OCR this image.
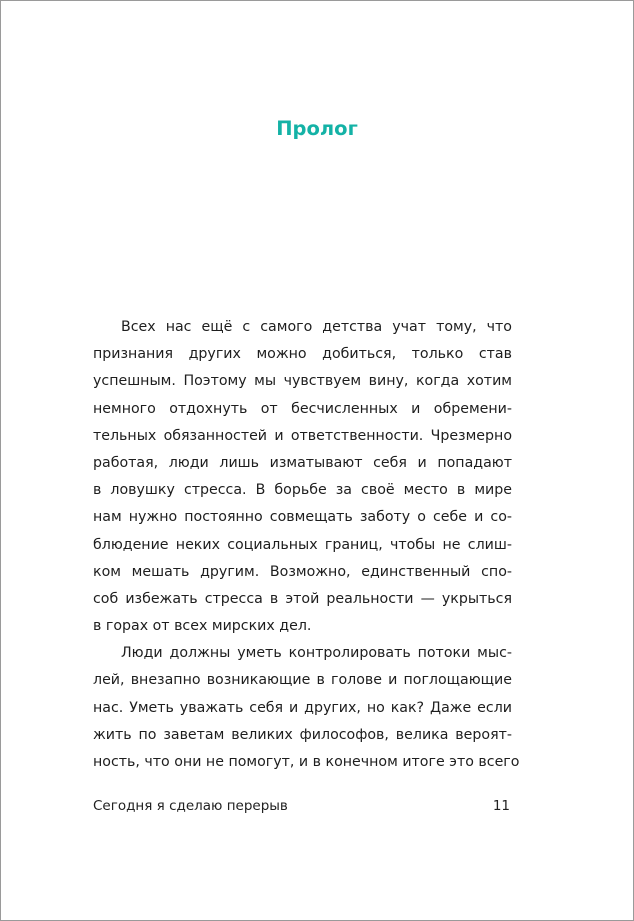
Пролог
Всех нас ещё с самого детства учат тому, что
признания других можно добиться, только став
успешным. Поэтому мы чувствуем вину, когда хотим
немного отдохнуть от бесчисленных и обремени-
тельных обязанностей и ответственности. Чрезмерно
работая, люди лишь изматывают себя и попадают
в ловушку стресса. В борьбе за своё место в мире
нам нужно постоянно совмещать заботу о себе и со-
блюдение неких социальных границ, чтобы не слиш-
ком мешать другим. Возможно, единственный спо-
соб избежать стресса в этой реальности — укрыться
в горах от всех мирских дел.
Люди должны уметь контролировать потоки мыс-
лей, внезапно возникающие в голове и поглощающие
нас. Уметь уважать себя и других, но как? Даже если
жить по заветам великих философов, велика вероят-
ность, что они не помогут, и в конечном итоге это всего
Сегодня я сделаю перерыв	11
